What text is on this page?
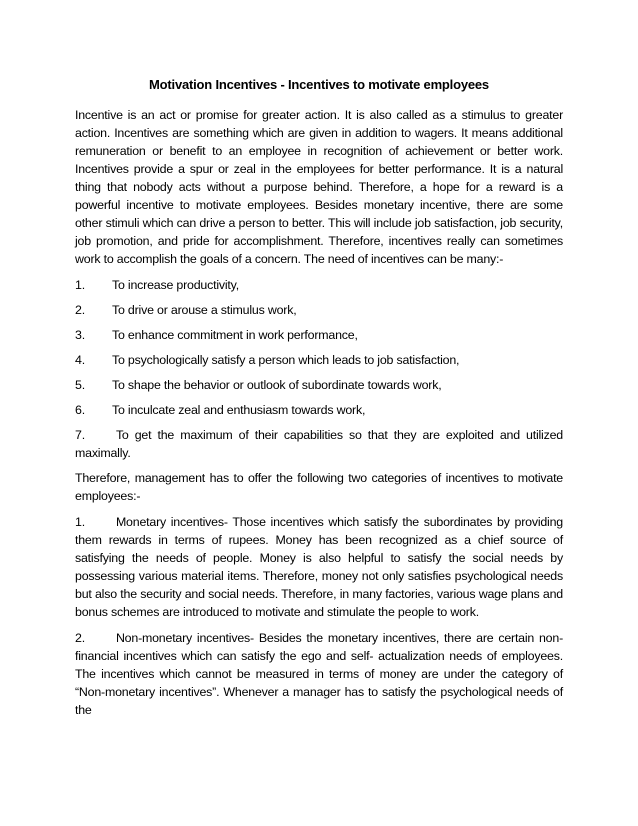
Motivation Incentives - Incentives to motivate employees

Incentive is an act or promise for greater action. It is also called as a stimulus to greater action. Incentives are something which are given in addition to wagers. It means additional remuneration or benefit to an employee in recognition of achievement or better work. Incentives provide a spur or zeal in the employees for better performance. It is a natural thing that nobody acts without a purpose behind. Therefore, a hope for a reward is a powerful incentive to motivate employees. Besides monetary incentive, there are some other stimuli which can drive a person to better. This will include job satisfaction, job security, job promotion, and pride for accomplishment. Therefore, incentives really can sometimes work to accomplish the goals of a concern. The need of incentives can be many:-

1. To increase productivity,
2. To drive or arouse a stimulus work,
3. To enhance commitment in work performance,
4. To psychologically satisfy a person which leads to job satisfaction,
5. To shape the behavior or outlook of subordinate towards work,
6. To inculcate zeal and enthusiasm towards work,
7.	To get the maximum of their capabilities so that they are exploited and utilized maximally.

Therefore, management has to offer the following two categories of incentives to motivate employees:-

1.	Monetary incentives- Those incentives which satisfy the subordinates by providing them rewards in terms of rupees. Money has been recognized as a chief source of satisfying the needs of people. Money is also helpful to satisfy the social needs by possessing various material items. Therefore, money not only satisfies psychological needs but also the security and social needs. Therefore, in many factories, various wage plans and bonus schemes are introduced to motivate and stimulate the people to work.

2.	Non-monetary incentives- Besides the monetary incentives, there are certain non-financial incentives which can satisfy the ego and self- actualization needs of employees. The incentives which cannot be measured in terms of money are under the category of “Non-monetary incentives”. Whenever a manager has to satisfy the psychological needs of the
